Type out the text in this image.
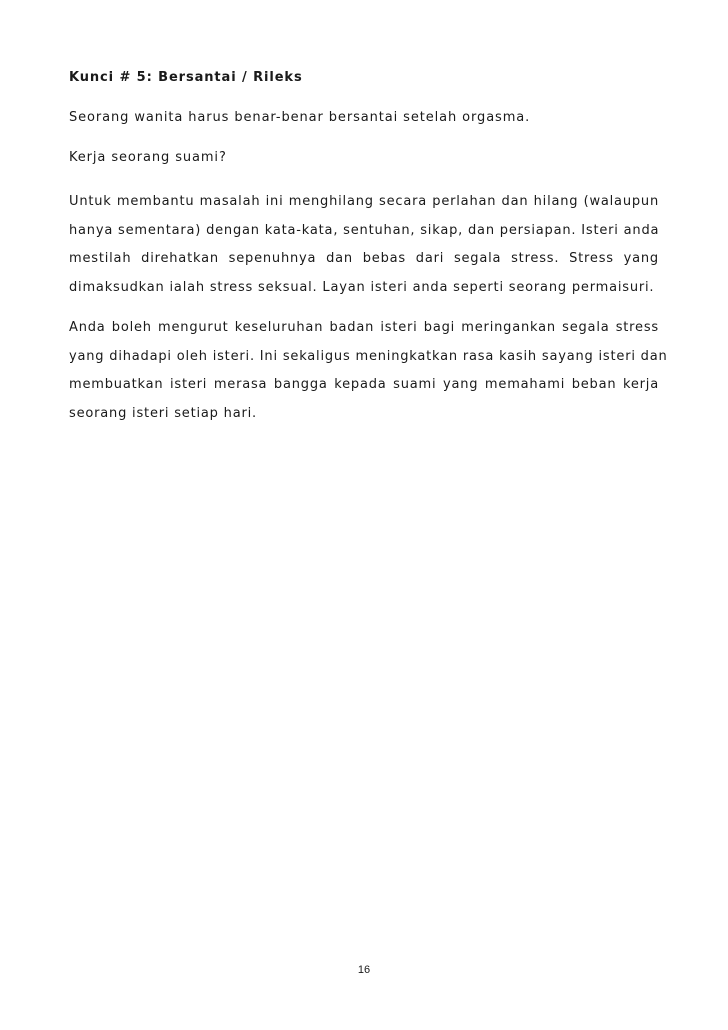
Kunci # 5: Bersantai / Rileks
Seorang wanita harus benar-benar bersantai setelah orgasma.
Kerja seorang suami?
Untuk membantu masalah ini menghilang secara perlahan dan hilang (walaupun
hanya sementara) dengan kata-kata, sentuhan, sikap, dan persiapan. Isteri anda
mestilah direhatkan sepenuhnya dan bebas dari segala stress. Stress yang
dimaksudkan ialah stress seksual. Layan isteri anda seperti seorang permaisuri.
Anda boleh mengurut keseluruhan badan isteri bagi meringankan segala stress
yang dihadapi oleh isteri. Ini sekaligus meningkatkan rasa kasih sayang isteri dan
membuatkan isteri merasa bangga kepada suami yang memahami beban kerja
seorang isteri setiap hari.
16
